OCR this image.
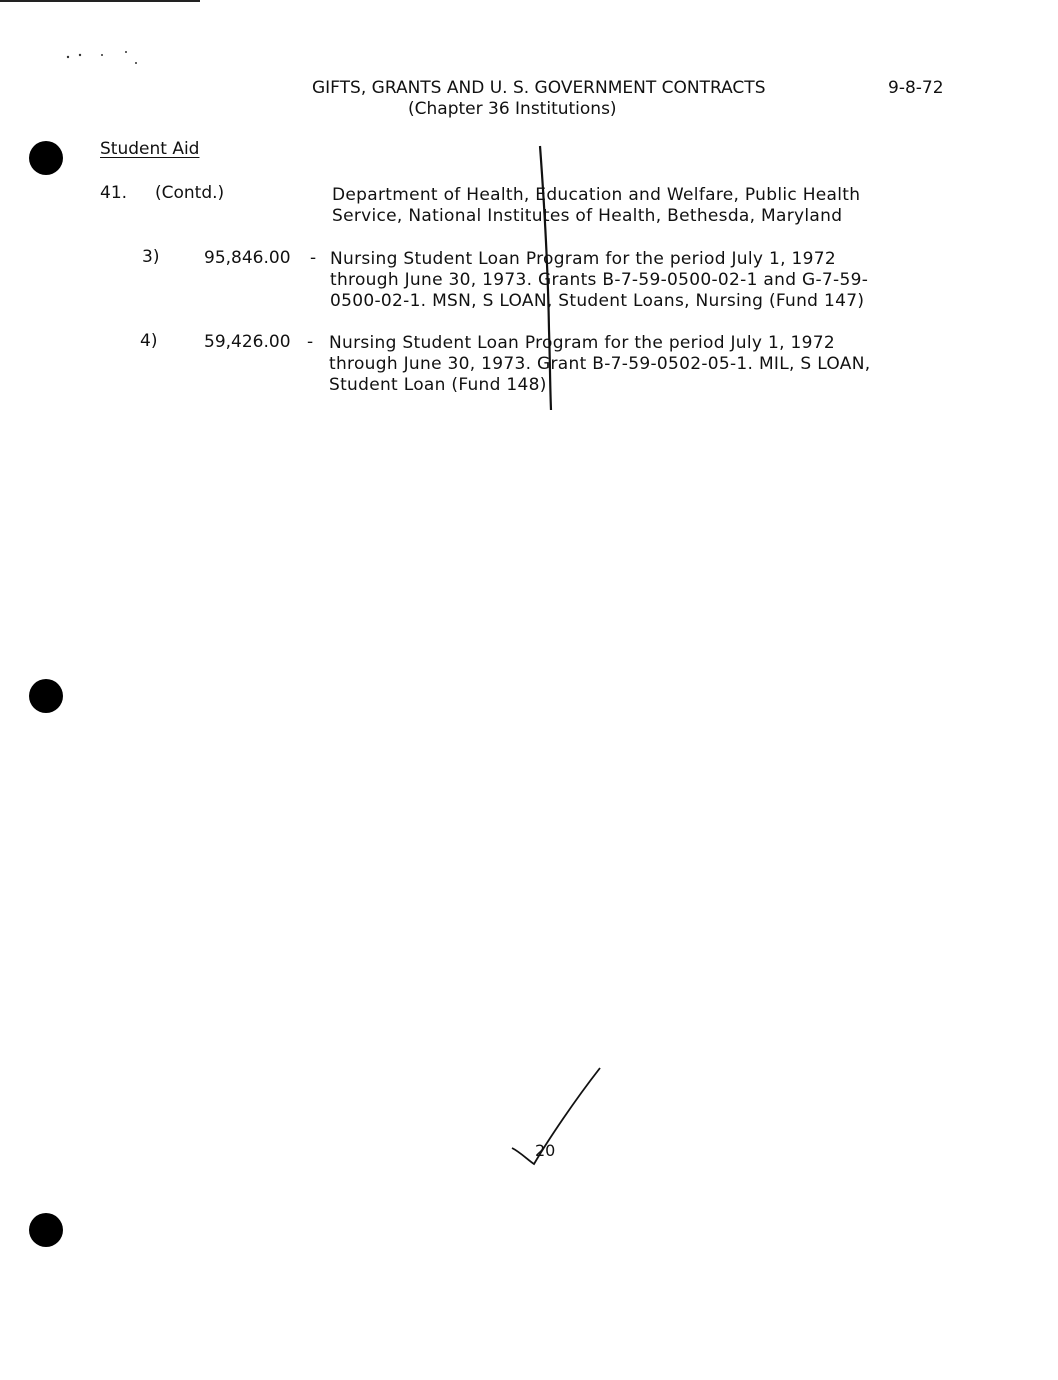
GIFTS, GRANTS AND U. S. GOVERNMENT CONTRACTS
(Chapter 36 Institutions)
9-8-72
Student Aid
41. (Contd.)	Department of Health, Education and Welfare, Public Health
Service, National Institutes of Health, Bethesda, Maryland
3)	95,846.00 - Nursing Student Loan Program for the period July 1, 1972
through June 30, 1973. Grants B-7-59-0500-02-1 and G-7-59-
0500-02-1. MSN, S LOAN, Student Loans, Nursing (Fund 147)
4)	59,426.00 - Nursing Student Loan Program for the period July 1, 1972
through June 30, 1973. Grant B-7-59-0502-05-1. MIL, S LOAN,
Student Loan (Fund 148)
20
